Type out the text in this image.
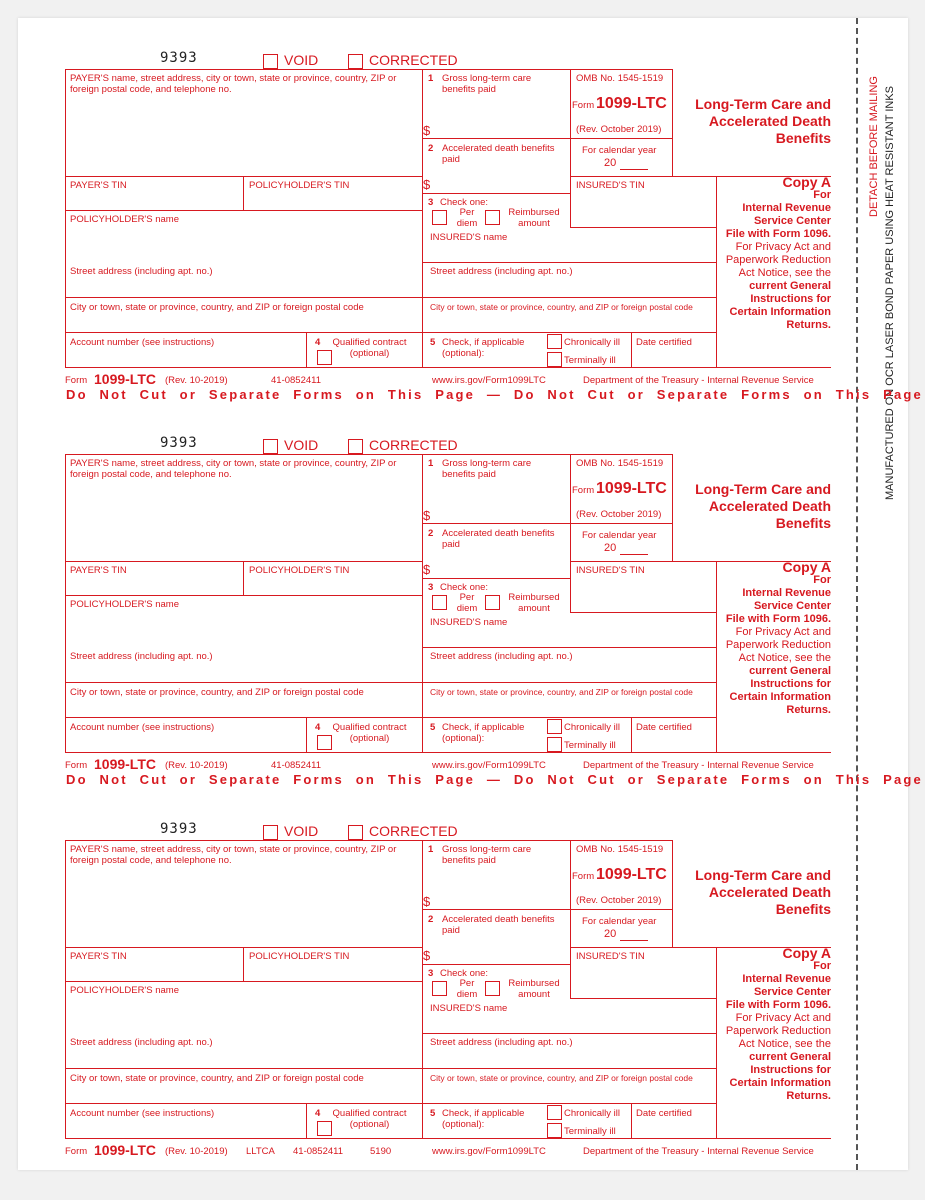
DETACH BEFORE MAILING MANUFACTURED ON OCR LASER BOND PAPER USING HEAT RESISTANT INKS
9393	VOID	CORRECTED
PAYER'S name, street address, city or town, state or province, country, ZIP or foreign postal code, and telephone no.
1 Gross long-term care benefits paid
$
OMB No. 1545-1519
Form 1099-LTC
(Rev. October 2019)
For calendar year
20
Long-Term Care and Accelerated Death Benefits
2 Accelerated death benefits paid
$
PAYER'S TIN	POLICYHOLDER'S TIN	INSURED'S TIN
3 Check one:
Per diem
Reimbursed amount
POLICYHOLDER'S name
INSURED'S name
Street address (including apt. no.)	Street address (including apt. no.)
City or town, state or province, country, and ZIP or foreign postal code	City or town, state or province, country, and ZIP or foreign postal code
Account number (see instructions)	4	Qualified contract (optional)
5 Check, if applicable (optional):
Chronically ill
Terminally ill
Date certified
Copy A
For
Internal Revenue Service Center
File with Form 1096.
For Privacy Act and Paperwork Reduction Act Notice, see the
current General Instructions for Certain Information Returns.
Form 1099-LTC (Rev. 10-2019)	41-0852411	www.irs.gov/Form1099LTC	Department of the Treasury - Internal Revenue Service
Do Not Cut or Separate Forms on This Page — Do Not Cut or Separate Forms on This Page
9393	VOID	CORRECTED
PAYER'S name, street address, city or town, state or province, country, ZIP or foreign postal code, and telephone no.
1 Gross long-term care benefits paid
$
OMB No. 1545-1519
Form 1099-LTC
(Rev. October 2019)
For calendar year
20
Long-Term Care and Accelerated Death Benefits
2 Accelerated death benefits paid
$
PAYER'S TIN	POLICYHOLDER'S TIN	INSURED'S TIN
3 Check one:
Per diem
Reimbursed amount
POLICYHOLDER'S name
INSURED'S name
Street address (including apt. no.)	Street address (including apt. no.)
City or town, state or province, country, and ZIP or foreign postal code	City or town, state or province, country, and ZIP or foreign postal code
Account number (see instructions)	4	Qualified contract (optional)
5 Check, if applicable (optional):
Chronically ill
Terminally ill
Date certified
Copy A
For
Internal Revenue Service Center
File with Form 1096.
For Privacy Act and Paperwork Reduction Act Notice, see the
current General Instructions for Certain Information Returns.
Form 1099-LTC (Rev. 10-2019)	41-0852411	www.irs.gov/Form1099LTC	Department of the Treasury - Internal Revenue Service
Do Not Cut or Separate Forms on This Page — Do Not Cut or Separate Forms on This Page
9393	VOID	CORRECTED
PAYER'S name, street address, city or town, state or province, country, ZIP or foreign postal code, and telephone no.
1 Gross long-term care benefits paid
$
OMB No. 1545-1519
Form 1099-LTC
(Rev. October 2019)
For calendar year
20
Long-Term Care and Accelerated Death Benefits
2 Accelerated death benefits paid
$
PAYER'S TIN	POLICYHOLDER'S TIN	INSURED'S TIN
3 Check one:
Per diem
Reimbursed amount
POLICYHOLDER'S name
INSURED'S name
Street address (including apt. no.)	Street address (including apt. no.)
City or town, state or province, country, and ZIP or foreign postal code	City or town, state or province, country, and ZIP or foreign postal code
Account number (see instructions)	4	Qualified contract (optional)
5 Check, if applicable (optional):
Chronically ill
Terminally ill
Date certified
Copy A
For
Internal Revenue Service Center
File with Form 1096.
For Privacy Act and Paperwork Reduction Act Notice, see the
current General Instructions for Certain Information Returns.
Form 1099-LTC (Rev. 10-2019) LLTCA 41-0852411	5190	www.irs.gov/Form1099LTC	Department of the Treasury - Internal Revenue Service
